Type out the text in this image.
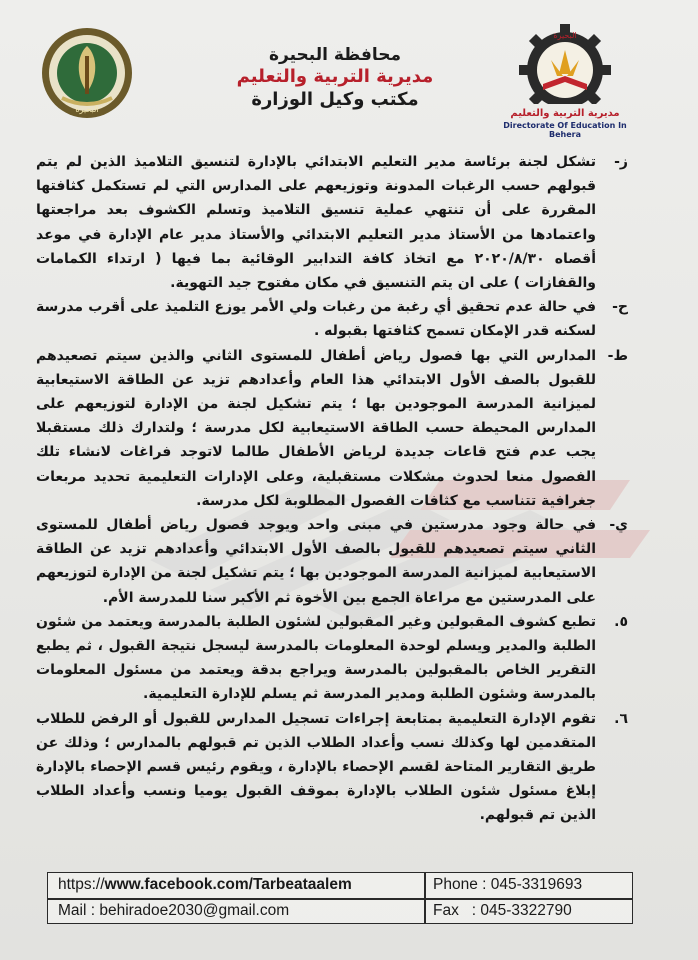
البحيرة
محافظة البحيرة
مديرية التربية والتعليم
مكتب وكيل الوزارة
البحيرة
مديرية التربية والتعليم
Directorate Of Education In Behera
ز-

تشكل لجنة برئاسة مدير التعليم الابتدائي بالإدارة لتنسيق التلاميذ الذين لم يتم قبولهم حسب الرغبات المدونة وتوزيعهم على المدارس التي لم تستكمل كثافتها المقررة على أن تنتهي عملية تنسيق التلاميذ وتسلم الكشوف بعد مراجعتها واعتمادها من الأستاذ مدير التعليم الابتدائي والأستاذ مدير عام الإدارة في موعد أقصاه ٢٠٢٠/٨/٣٠ مع اتخاذ كافة التدابير الوقائية بما فيها ( ارتداء الكمامات والقفازات ) على ان يتم التنسيق في مكان مفتوح جيد التهوية.

ح-

في حالة عدم تحقيق أي رغبة من رغبات ولي الأمر يوزع التلميذ على أقرب مدرسة لسكنه قدر الإمكان تسمح كثافتها بقبوله .

ط-

المدارس التي بها فصول رياض أطفال للمستوى الثاني والذين سيتم تصعيدهم للقبول بالصف الأول الابتدائي هذا العام وأعدادهم تزيد عن الطاقة الاستيعابية لميزانية المدرسة الموجودين بها ؛ يتم تشكيل لجنة من الإدارة لتوزيعهم على المدارس المحيطة حسب الطاقة الاستيعابية لكل مدرسة ؛ ولتدارك ذلك مستقبلا يجب عدم فتح قاعات جديدة لرياض الأطفال طالما لاتوجد فراغات لانشاء تلك الفصول منعا لحدوث مشكلات مستقبلية، وعلى الإدارات التعليمية تحديد مربعات جغرافية تتناسب مع كثافات الفصول المطلوبة لكل مدرسة.

ي-

في حالة وجود مدرستين في مبنى واحد ويوجد فصول رياض أطفال للمستوى الثاني سيتم تصعيدهم للقبول بالصف الأول الابتدائي وأعدادهم تزيد عن الطاقة الاستيعابية لميزانية المدرسة الموجودين بها ؛ يتم تشكيل لجنة من الإدارة لتوزيعهم على المدرستين مع مراعاة الجمع بين الأخوة ثم الأكبر سنا للمدرسة الأم.

٥.

تطبع كشوف المقبولين وغير المقبولين لشئون الطلبة بالمدرسة ويعتمد من شئون الطلبة والمدير ويسلم لوحدة المعلومات بالمدرسة ليسجل نتيجة القبول ، ثم يطبع التقرير الخاص بالمقبولين بالمدرسة ويراجع بدقة ويعتمد من مسئول المعلومات بالمدرسة وشئون الطلبة ومدير المدرسة ثم يسلم للإدارة التعليمية.

٦.

تقوم الإدارة التعليمية بمتابعة إجراءات تسجيل المدارس للقبول أو الرفض للطلاب المتقدمين لها وكذلك نسب وأعداد الطلاب الذين تم قبولهم بالمدارس ؛ وذلك عن طريق التقارير المتاحة لقسم الإحصاء بالإدارة ، ويقوم رئيس قسم الإحصاء بالإدارة إبلاغ مسئول شئون الطلاب بالإدارة بموقف القبول يوميا ونسب وأعداد الطلاب الذين تم قبولهم.

https://www.facebook.com/Tarbeataalem
Mail : behiradoe2030@gmail.com
Phone : 045-3319693
Fax   : 045-3322790
